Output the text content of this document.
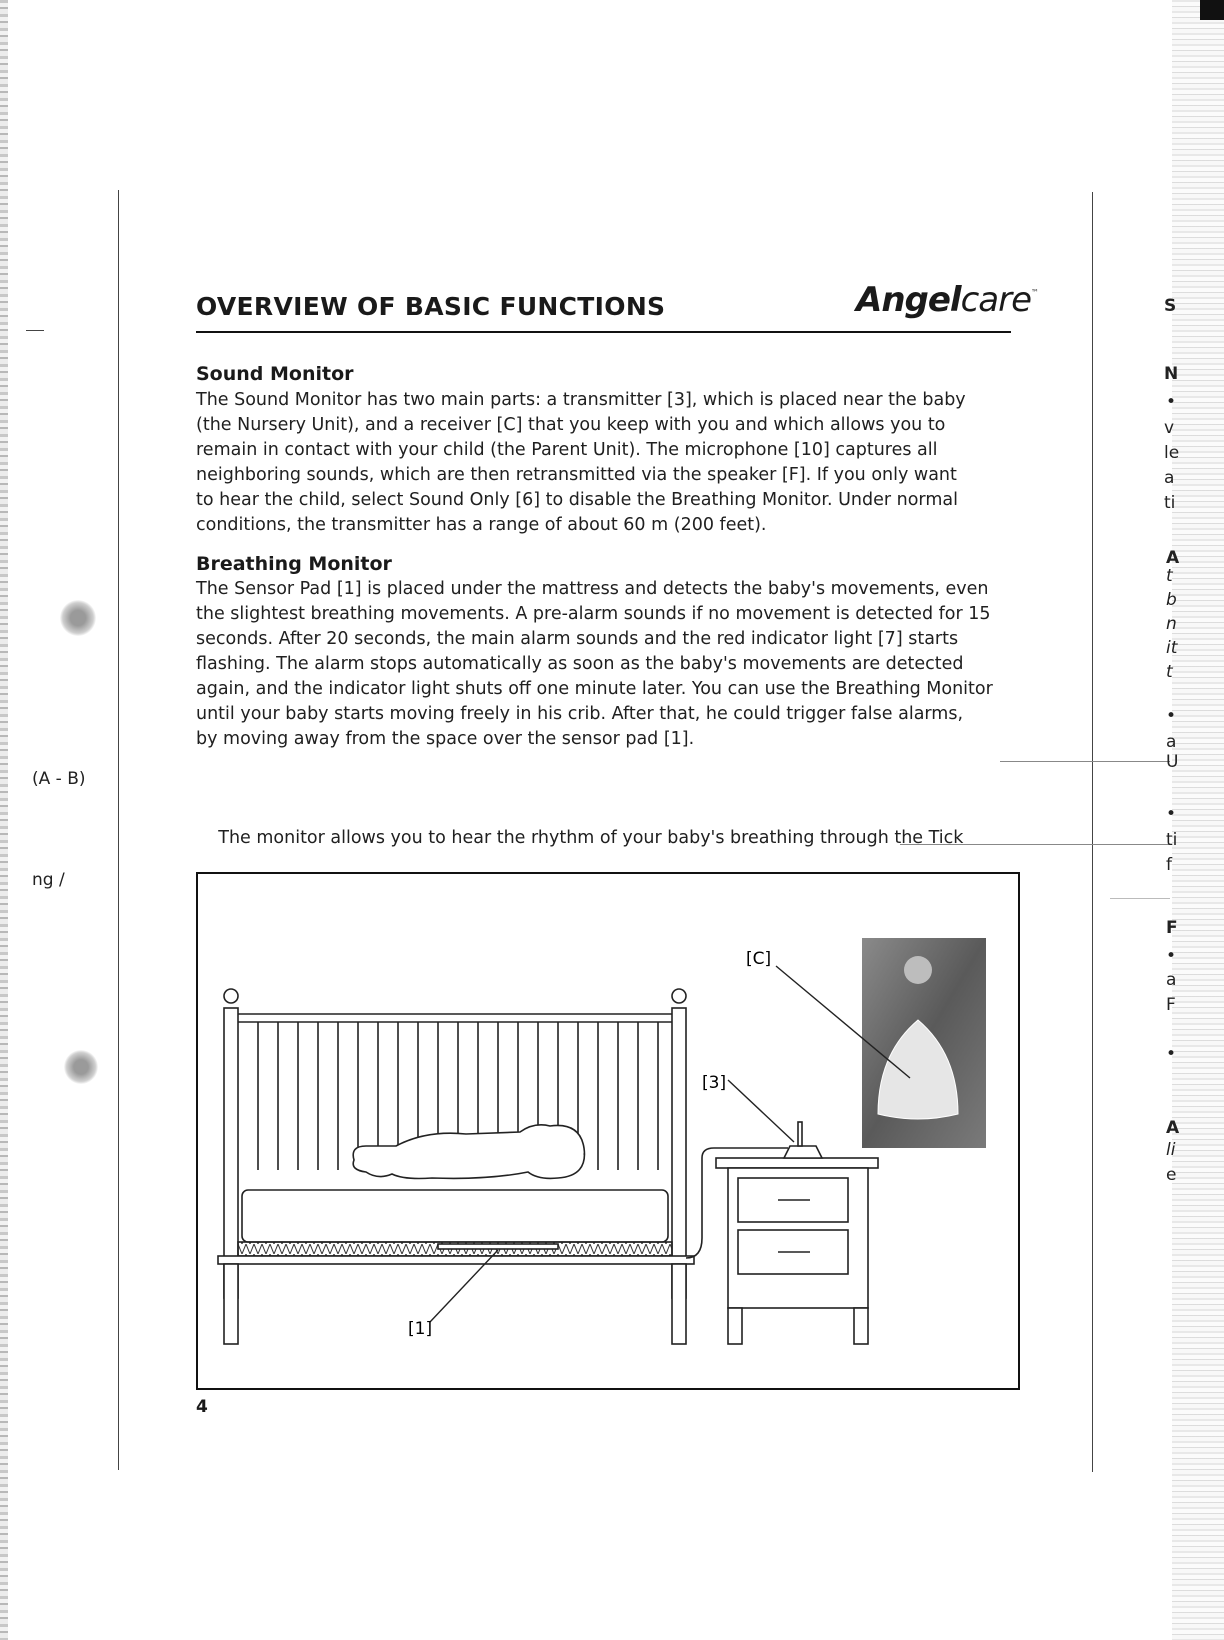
(A - B)
ng /
S
N
•
v
le
a
ti
A
t
b
n
it
t
•
a
U
•
ti
f
F
•
a
F
•
A
li
e
OVERVIEW OF BASIC FUNCTIONS	Angelcare™
Sound Monitor
The Sound Monitor has two main parts: a transmitter [3], which is placed near the baby
(the Nursery Unit), and a receiver [C] that you keep with you and which allows you to
remain in contact with your child (the Parent Unit). The microphone [10] captures all
neighboring sounds, which are then retransmitted via the speaker [F]. If you only want
to hear the child, select Sound Only [6] to disable the Breathing Monitor. Under normal
conditions, the transmitter has a range of about 60 m (200 feet).
Breathing Monitor
The Sensor Pad [1] is placed under the mattress and detects the baby's movements, even
the slightest breathing movements. A pre-alarm sounds if no movement is detected for 15
seconds. After 20 seconds, the main alarm sounds and the red indicator light [7] starts
flashing. The alarm stops automatically as soon as the baby's movements are detected
again, and the indicator light shuts off one minute later. You can use the Breathing Monitor
until your baby starts moving freely in his crib. After that, he could trigger false alarms,
by moving away from the space over the sensor pad [1].

The monitor allows you to hear the rhythm of your baby's breathing through the Tick

[C]
[3]
[1]
4
